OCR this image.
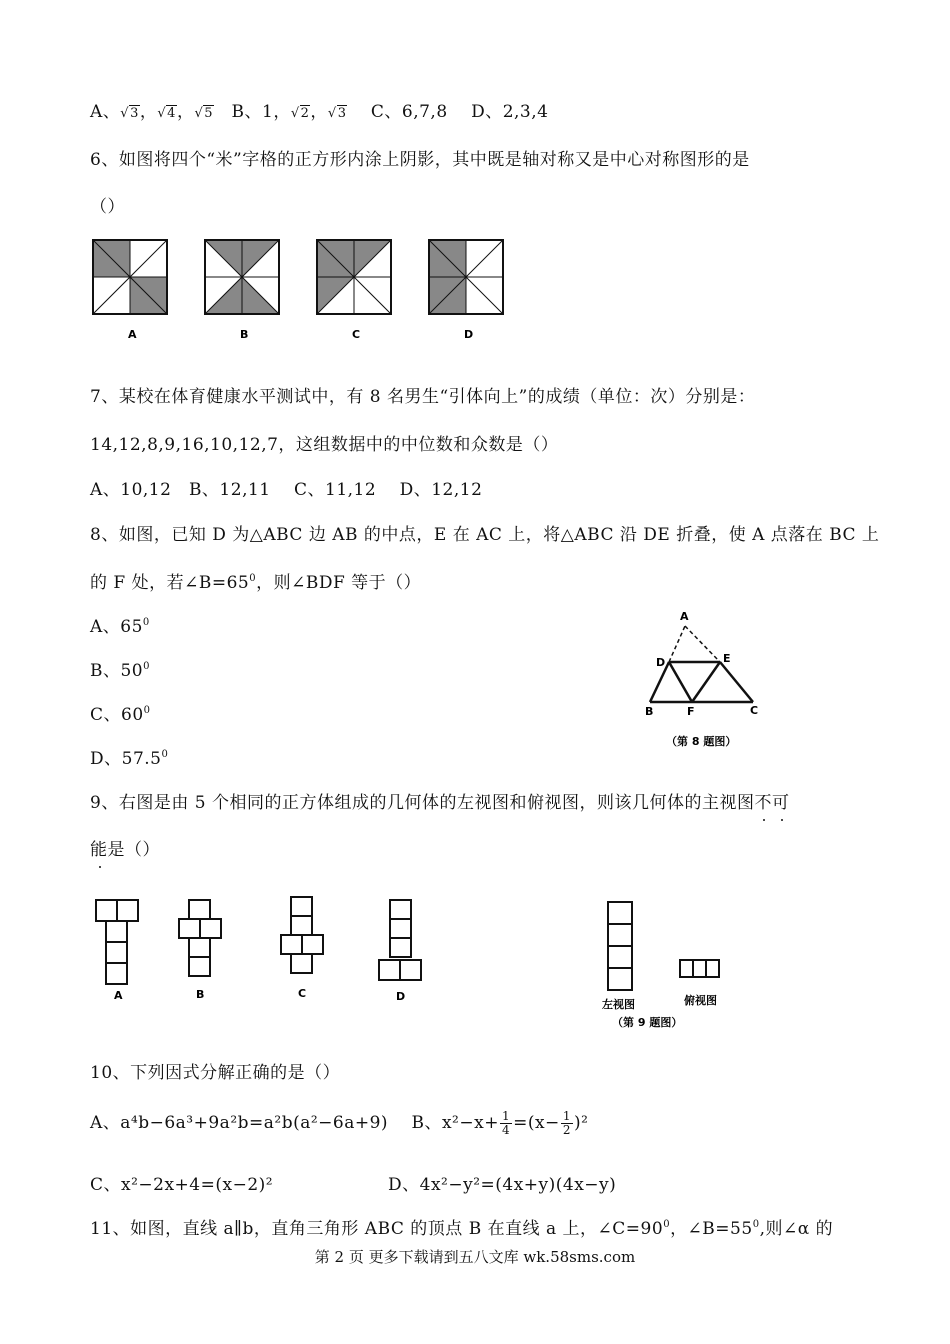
A、√3，√4，√5　 B、1，√2，√3　 C、6,7,8　 D、2,3,4
6、如图将四个“米”字格的正方形内涂上阴影，其中既是轴对称又是中心对称图形的是
（）
A	B	C	D
7、某校在体育健康水平测试中，有 8 名男生“引体向上”的成绩（单位：次）分别是：
14,12,8,9,16,10,12,7，这组数据中的中位数和众数是（）
A、10,12　B、12,11　 C、11,12　 D、12,12
8、如图，已知 D 为△ABC 边 AB 的中点，E 在 AC 上，将△ABC 沿 DE 折叠，使 A 点落在 BC 上
的 F 处，若$\angle B=65^0$，则∠BDF 等于（）
A、$65^0$
B、$50^0$
C、$60^0$
D、57.5$^0$
A
D	E
B	F	C
（第 8 题图）
9、右图是由 5 个相同的正方体组成的几何体的左视图和俯视图，则该几何体的主视图不可
能是（）
A	B	C	D
左视图	俯视图
（第 9 题图）
10、下列因式分解正确的是（）
A、a⁴b−6a³+9a²b=a²b(a²−6a+9)　 B、$x^2-x+ \frac{1}{4} =(x- \frac{1}{2} )^2$
C、x²−2x+4=(x−2)²	D、4x²−y²=(4x+y)(4x−y)
11、如图，直线 a∥b，直角三角形 ABC 的顶点 B 在直线 a 上，$\angle C=90^0$，$\angle B=55^0$,则∠α 的
第 2 页 更多下载请到五八文库 wk.58sms.com
